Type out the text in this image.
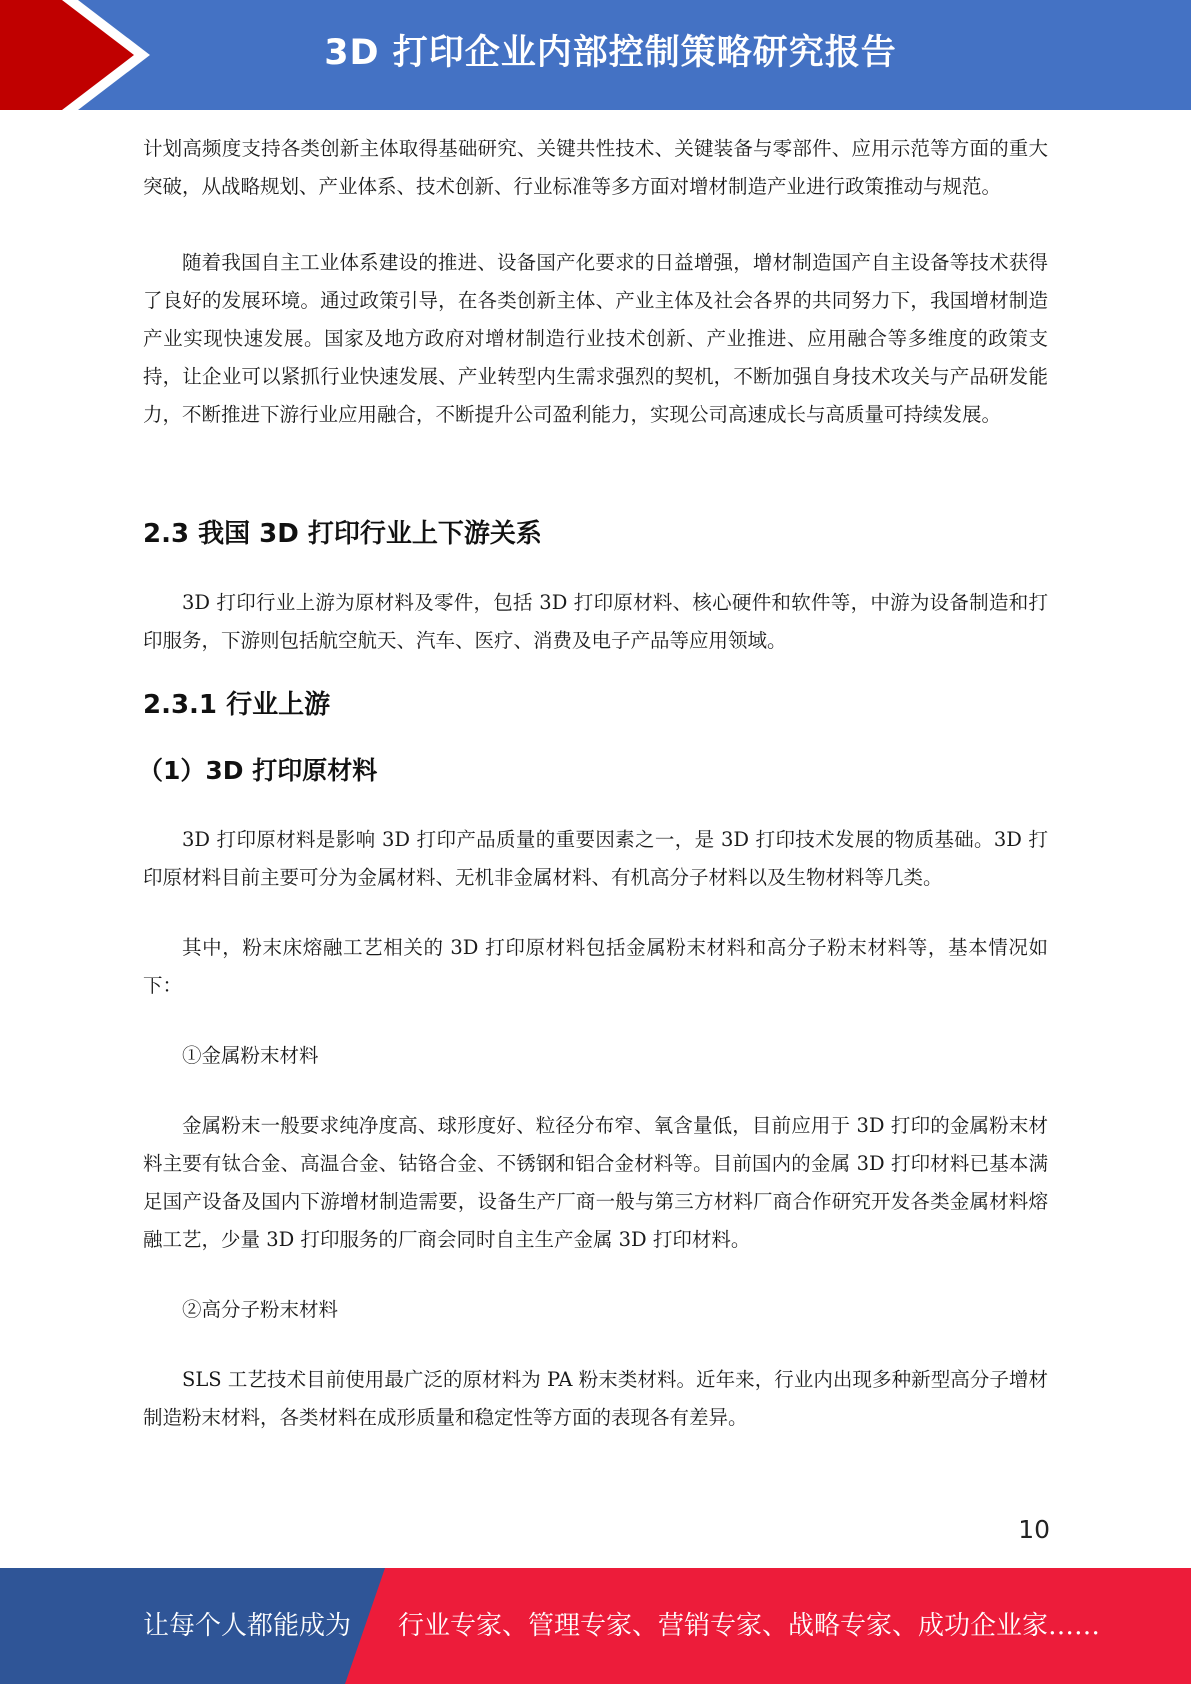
3D 打印企业内部控制策略研究报告

计划高频度支持各类创新主体取得基础研究、关键共性技术、关键装备与零部件、应用示范等方面的重大突破，从战略规划、产业体系、技术创新、行业标准等多方面对增材制造产业进行政策推动与规范。

随着我国自主工业体系建设的推进、设备国产化要求的日益增强，增材制造国产自主设备等技术获得了良好的发展环境。通过政策引导，在各类创新主体、产业主体及社会各界的共同努力下，我国增材制造产业实现快速发展。国家及地方政府对增材制造行业技术创新、产业推进、应用融合等多维度的政策支持，让企业可以紧抓行业快速发展、产业转型内生需求强烈的契机，不断加强自身技术攻关与产品研发能力，不断推进下游行业应用融合，不断提升公司盈利能力，实现公司高速成长与高质量可持续发展。

2.3 我国 3D 打印行业上下游关系

3D 打印行业上游为原材料及零件，包括 3D 打印原材料、核心硬件和软件等，中游为设备制造和打印服务，下游则包括航空航天、汽车、医疗、消费及电子产品等应用领域。

2.3.1 行业上游
（1）3D 打印原材料

3D 打印原材料是影响 3D 打印产品质量的重要因素之一，是 3D 打印技术发展的物质基础。3D 打印原材料目前主要可分为金属材料、无机非金属材料、有机高分子材料以及生物材料等几类。

其中，粉末床熔融工艺相关的 3D 打印原材料包括金属粉末材料和高分子粉末材料等，基本情况如下：

①金属粉末材料

金属粉末一般要求纯净度高、球形度好、粒径分布窄、氧含量低，目前应用于 3D 打印的金属粉末材料主要有钛合金、高温合金、钴铬合金、不锈钢和铝合金材料等。目前国内的金属 3D 打印材料已基本满足国产设备及国内下游增材制造需要，设备生产厂商一般与第三方材料厂商合作研究开发各类金属材料熔融工艺，少量 3D 打印服务的厂商会同时自主生产金属 3D 打印材料。

②高分子粉末材料

SLS 工艺技术目前使用最广泛的原材料为 PA 粉末类材料。近年来，行业内出现多种新型高分子增材制造粉末材料，各类材料在成形质量和稳定性等方面的表现各有差异。

10
让每个人都能成为 行业专家、管理专家、营销专家、战略专家、成功企业家……
